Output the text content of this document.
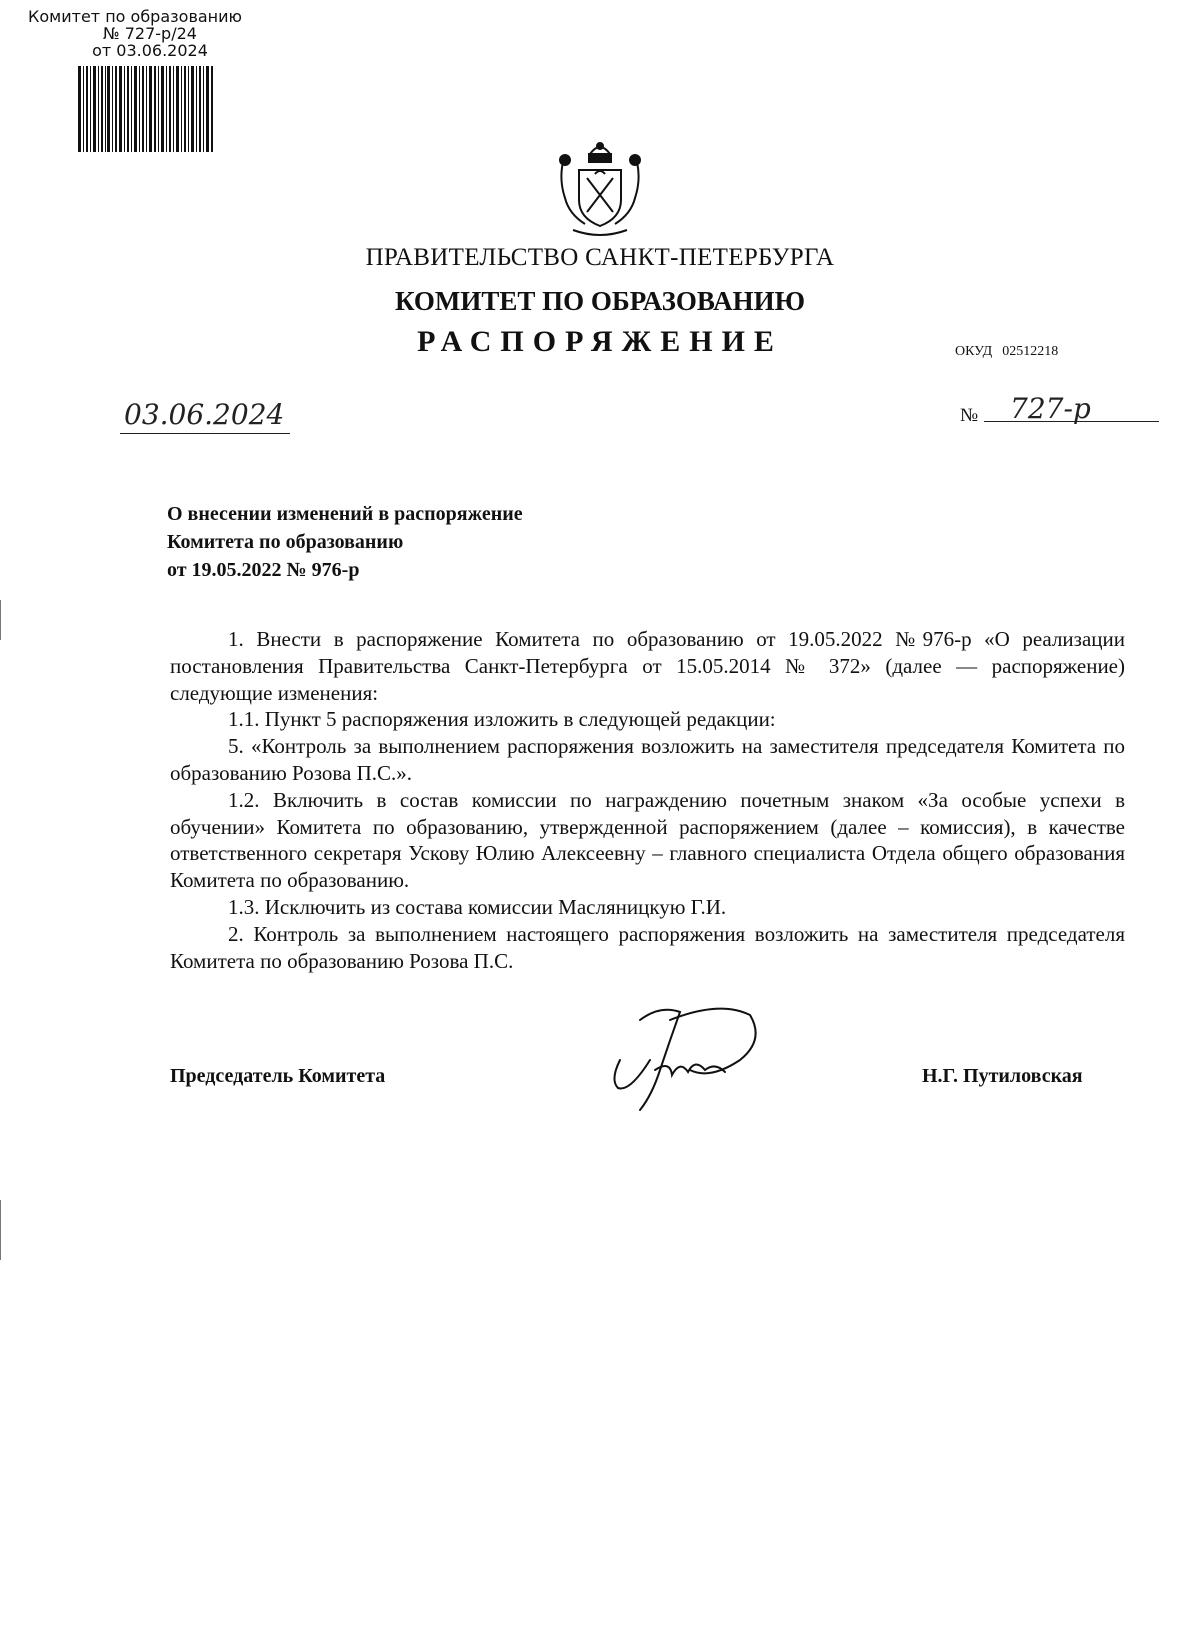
Комитет по образованию
№ 727-р/24
от 03.06.2024
ПРАВИТЕЛЬСТВО САНКТ-ПЕТЕРБУРГА
КОМИТЕТ ПО ОБРАЗОВАНИЮ
РАСПОРЯЖЕНИЕ	ОКУД 02512218
03.06.2024	№ 727-р
О внесении изменений в распоряжение
Комитета по образованию
от 19.05.2022 № 976-р

1. Внести в распоряжение Комитета по образованию от 19.05.2022 №976-р «О реализации постановления Правительства Санкт-Петербурга от 15.05.2014 № 372» (далее — распоряжение) следующие изменения:

1.1. Пункт 5 распоряжения изложить в следующей редакции:

5. «Контроль за выполнением распоряжения возложить на заместителя председателя Комитета по образованию Розова П.С.».

1.2. Включить в состав комиссии по награждению почетным знаком «За особые успехи в обучении» Комитета по образованию, утвержденной распоряжением (далее – комиссия), в качестве ответственного секретаря Ускову Юлию Алексеевну – главного специалиста Отдела общего образования Комитета по образованию.

1.3. Исключить из состава комиссии Масляницкую Г.И.

2. Контроль за выполнением настоящего распоряжения возложить на заместителя председателя Комитета по образованию Розова П.С.

Председатель Комитета	Н.Г. Путиловская
